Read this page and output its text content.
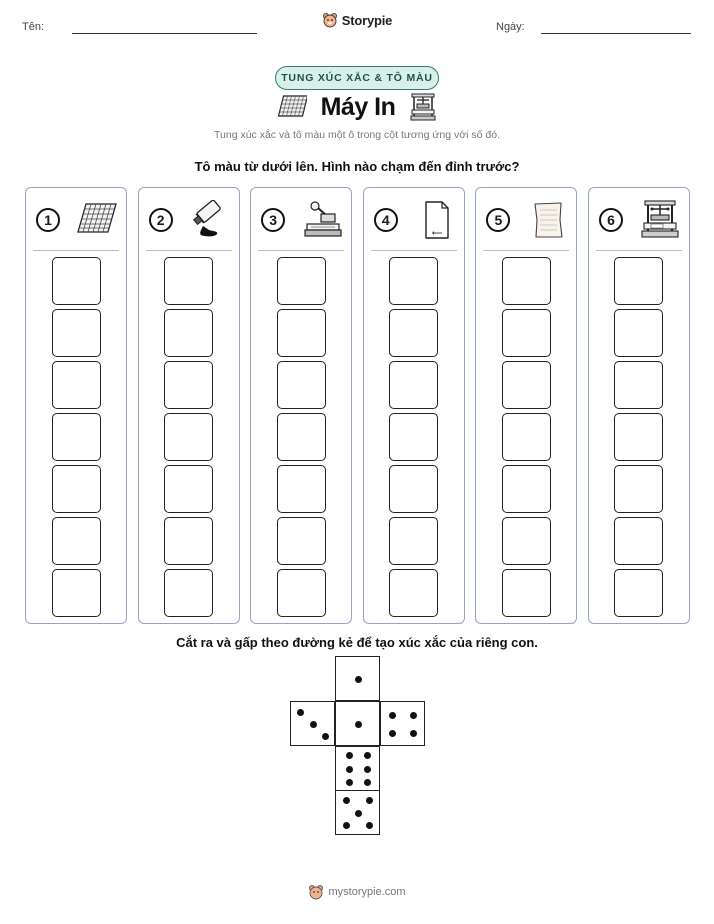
Tên:	Storypie	Ngày:
TUNG XÚC XẮC & TÔ MÀU
Máy In
Tung xúc xắc và tô màu một ô trong cột tương ứng với số đó.
Tô màu từ dưới lên. Hình nào chạm đến đỉnh trước?
1	2	3	4	5	6
Cắt ra và gấp theo đường kẻ để tạo xúc xắc của riêng con.
mystorypie.com
